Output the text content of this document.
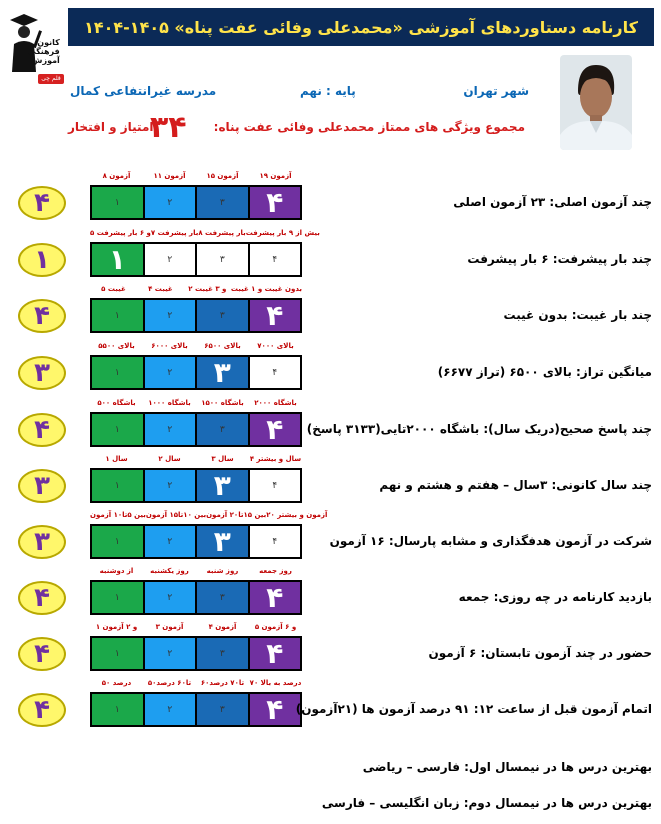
کارنامه دستاوردهای آموزشی «محمدعلی وفائی عفت پناه» ۱۴۰۵-۱۴۰۴
کانون
فرهنگی
آموزش
قلم چی
شهر تهران
پایه : نهم
مدرسه غیرانتفاعی کمال
مجموع ویژگی های ممتاز محمدعلی وفائی عفت پناه:
۳۴
امتیاز و افتخار
۸ آزمون	۱۱ آزمون	۱۵ آزمون	۱۹ آزمون
۱	۲	۳	۴
۴	چند آزمون اصلی: ۲۳ آزمون اصلی
۵ و ۶ بار پیشرفت ۷ بار پیشرفت ۸ بار پیشرفت بیش از ۹ بار پیشرفت
۱	۲	۳	۴
۱	چند بار پیشرفت: ۶ بار پیشرفت
۵ غیبت	۴ غیبت	۲ و ۳ غیبت بدون غیبت و ۱ غیبت
۱	۲	۳	۴
۴	چند بار غیبت: بدون غیبت
بالای ۵۵۰۰	بالای ۶۰۰۰	بالای ۶۵۰۰	بالای ۷۰۰۰
۱	۲	۳	۴
۳	میانگین تراز: بالای ۶۵۰۰ (تراز ۶۶۷۷)
باشگاه ۵۰۰	باشگاه ۱۰۰۰	باشگاه ۱۵۰۰	باشگاه ۲۰۰۰
۱	۲	۳	۴
۴	چند پاسخ صحیح(دریک سال): باشگاه ۲۰۰۰تایی(۳۱۳۳ پاسخ)
۱ سال	۲ سال	۳ سال	۴ سال و بیشتر
۱	۲	۳	۴
۳	چند سال کانونی: ۳سال – هفتم و هشتم و نهم
بین ۵تا۱۰ آزمون بین ۱۰تا۱۵ آزمون بین ۱۵تا۲۰ آزمون ۲۰ آزمون و بیشتر
۱	۲	۳	۴
۳	شرکت در آزمون هدفگذاری و مشابه پارسال: ۱۶ آزمون
از دوشنبه	روز یکشنبه	روز شنبه	روز جمعه
۱	۲	۳	۴
۴	بازدید کارنامه در چه روزی: جمعه
۱ و ۲ آزمون	۳ آزمون	۴ آزمون	۵ و ۶ آزمون
۱	۲	۳	۴
۴	حضور در چند آزمون تابستان: ۶ آزمون
۵۰ درصد	۵۰تا۶۰ درصد	۶۰تا۷۰ درصد ۷۰ درصد به بالا
۱	۲	۳	۴
۴	اتمام آزمون قبل از ساعت ۱۲: ۹۱ درصد آزمون ها (۲۱آزمون)
بهترین درس ها در نیمسال اول: فارسی – ریاضی
بهترین درس ها در نیمسال دوم: زبان انگلیسی – فارسی
